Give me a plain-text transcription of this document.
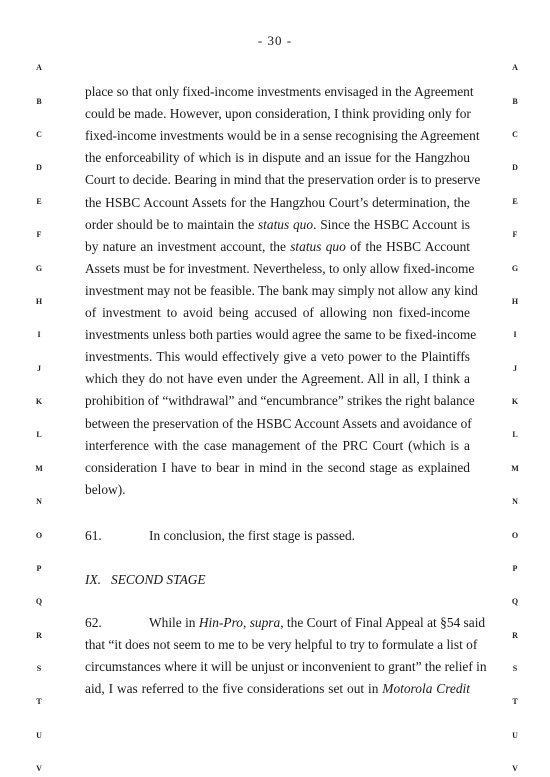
- 30 -
A	A
B	B
C	C
D	D
E	E
F	F
G	G
H	H
I	I
J	J
K	K
L	L
M	M
N	N
O	O
P	P
Q	Q
R	R
S	S
T	T
U	U
V	V
place so that only fixed-income investments envisaged in the Agreement
could be made. However, upon consideration, I think providing only for
fixed-income investments would be in a sense recognising the Agreement
the enforceability of which is in dispute and an issue for the Hangzhou
Court to decide. Bearing in mind that the preservation order is to preserve
the HSBC Account Assets for the Hangzhou Court’s determination, the
order should be to maintain the status quo. Since the HSBC Account is
by nature an investment account, the status quo of the HSBC Account
Assets must be for investment. Nevertheless, to only allow fixed-income
investment may not be feasible. The bank may simply not allow any kind
of investment to avoid being accused of allowing non fixed-income
investments unless both parties would agree the same to be fixed-income
investments. This would effectively give a veto power to the Plaintiffs
which they do not have even under the Agreement. All in all, I think a
prohibition of “withdrawal” and “encumbrance” strikes the right balance
between the preservation of the HSBC Account Assets and avoidance of
interference with the case management of the PRC Court (which is a
consideration I have to bear in mind in the second stage as explained
below).
61.	In conclusion, the first stage is passed.
IX. SECOND STAGE
62.	While in Hin-Pro, supra, the Court of Final Appeal at §54 said
that “it does not seem to me to be very helpful to try to formulate a list of
circumstances where it will be unjust or inconvenient to grant” the relief in
aid, I was referred to the five considerations set out in Motorola Credit
